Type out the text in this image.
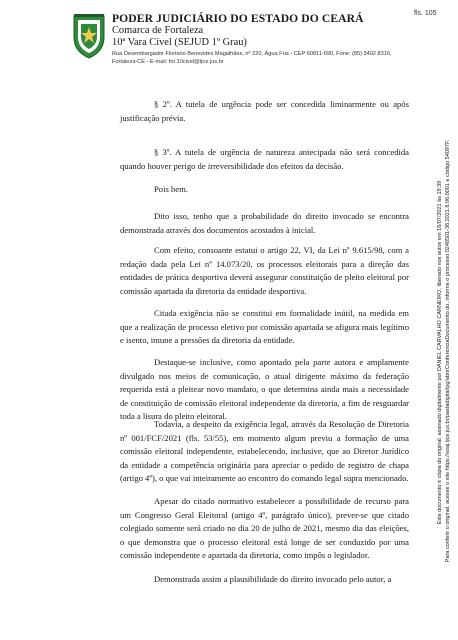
fls. 105
PODER JUDICIÁRIO DO ESTADO DO CEARÁ
Comarca de Fortaleza
10ª Vara Cível (SEJUD 1º Grau)
Rua Desembargador Floriano Benevides Magalhães, nº 220, Água Fria - CEP 60811-690, Fone: (85) 3492 8316,
Fortaleza-CE - E-mail: for.10civel@tjce.jus.br

§ 2º. A tutela de urgência pode ser concedida liminarmente ou após justificação prévia.

§ 3º. A tutela de urgência de natureza antecipada não será concedida quando houver perigo de irreversibilidade dos efeitos da decisão.

Pois bem.

Dito isso, tenho que a probabilidade do direito invocado se encontra demonstrada através dos documentos acostados à inicial.

Com efeito, consoante estatui o artigo 22, VI, da Lei nº 9.615/98, com a redação dada pela Lei nº 14.073/20, os processos eleitorais para a direção das entidades de prática desportiva deverá assegurar constituição de pleito eleitoral por comissão apartada da diretoria da entidade desportiva.

Citada exigência não se constitui em formalidade inútil, na medida em que a realização de processo eletivo por comissão apartada se afigura mais legítimo e isento, imune a pressões da diretoria da entidade.

Destaque-se inclusive, como apontado pela parte autora e amplamente divulgado nos meios de comunicação, o atual dirigente máximo da federação requerida está a pleitear novo mandato, o que determina ainda mais a necessidade de constituição de comissão eleitoral independente da diretoria, a fim de resguardar toda a lisura do pleito eleitoral.

Todavia, a despeito da exigência legal, através da Resolução de Diretoria nº 001/FCF/2021 (fls. 53/55), em momento algum previu a formação de uma comissão eleitoral independente, estabelecendo, inclusive, que ao Diretor Jurídico da entidade a competência originária para apreciar o pedido de registro de chapa (artigo 4º), o que vai inteiramente ao encontro do comando legal supra mencionado.

Apesar do citado normativo estabelecer a possibilidade de recurso para um Congresso Geral Eleitoral (artigo 4º, parágrafo único), prever-se que citado colegiado somente será criado no dia 20 de julho de 2021, mesmo dia das eleições, o que demonstra que o processo eleitoral está longe de ser conduzido por uma comissão independente e apartada da diretoria, como impôs o legislador.

Demonstrada assim a plausibilidade do direito invocado pelo autor, a

Este documento é cópia do original, assinado digitalmente por DANIEL CARVALHO CARNEIRO, liberado nos autos em 18/07/2021 às 19:39 . Para conferir o original, acesse o site https://esaj.tjce.jus.br/pastadigital/pg/abrirConferenciaDocumento.do, informe o processo 0248501-38.2021.8.06.0001 e código 54097F.
